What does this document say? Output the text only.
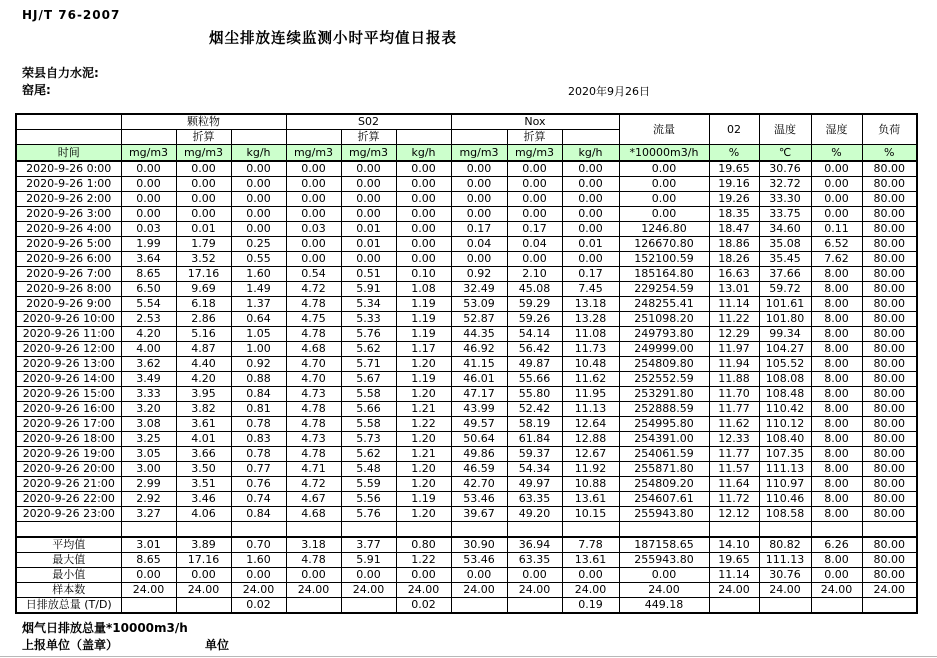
HJ/T 76-2007
烟尘排放连续监测小时平均值日报表
荣县自力水泥:
窑尾:	2020年9月26日
	颗粒物			S02			Nox			流量	02	温度	湿度	负荷
		折算			折算			折算						
时间	mg/m3	mg/m3	kg/h	mg/m3	mg/m3	kg/h	mg/m3	mg/m3	kg/h	*10000m3/h	%	℃	%	%
2020-9-26 0:00	0.00	0.00	0.00	0.00	0.00	0.00	0.00	0.00	0.00	0.00	19.65	30.76	0.00	80.00
2020-9-26 1:00	0.00	0.00	0.00	0.00	0.00	0.00	0.00	0.00	0.00	0.00	19.16	32.72	0.00	80.00
2020-9-26 2:00	0.00	0.00	0.00	0.00	0.00	0.00	0.00	0.00	0.00	0.00	19.26	33.30	0.00	80.00
2020-9-26 3:00	0.00	0.00	0.00	0.00	0.00	0.00	0.00	0.00	0.00	0.00	18.35	33.75	0.00	80.00
2020-9-26 4:00	0.03	0.01	0.00	0.03	0.01	0.00	0.17	0.17	0.00	1246.80	18.47	34.60	0.11	80.00
2020-9-26 5:00	1.99	1.79	0.25	0.00	0.01	0.00	0.04	0.04	0.01	126670.80	18.86	35.08	6.52	80.00
2020-9-26 6:00	3.64	3.52	0.55	0.00	0.00	0.00	0.00	0.00	0.00	152100.59	18.26	35.45	7.62	80.00
2020-9-26 7:00	8.65	17.16	1.60	0.54	0.51	0.10	0.92	2.10	0.17	185164.80	16.63	37.66	8.00	80.00
2020-9-26 8:00	6.50	9.69	1.49	4.72	5.91	1.08	32.49	45.08	7.45	229254.59	13.01	59.72	8.00	80.00
2020-9-26 9:00	5.54	6.18	1.37	4.78	5.34	1.19	53.09	59.29	13.18	248255.41	11.14	101.61	8.00	80.00
2020-9-26 10:00	2.53	2.86	0.64	4.75	5.33	1.19	52.87	59.26	13.28	251098.20	11.22	101.80	8.00	80.00
2020-9-26 11:00	4.20	5.16	1.05	4.78	5.76	1.19	44.35	54.14	11.08	249793.80	12.29	99.34	8.00	80.00
2020-9-26 12:00	4.00	4.87	1.00	4.68	5.62	1.17	46.92	56.42	11.73	249999.00	11.97	104.27	8.00	80.00
2020-9-26 13:00	3.62	4.40	0.92	4.70	5.71	1.20	41.15	49.87	10.48	254809.80	11.94	105.52	8.00	80.00
2020-9-26 14:00	3.49	4.20	0.88	4.70	5.67	1.19	46.01	55.66	11.62	252552.59	11.88	108.08	8.00	80.00
2020-9-26 15:00	3.33	3.95	0.84	4.73	5.58	1.20	47.17	55.80	11.95	253291.80	11.70	108.48	8.00	80.00
2020-9-26 16:00	3.20	3.82	0.81	4.78	5.66	1.21	43.99	52.42	11.13	252888.59	11.77	110.42	8.00	80.00
2020-9-26 17:00	3.08	3.61	0.78	4.78	5.58	1.22	49.57	58.19	12.64	254995.80	11.62	110.12	8.00	80.00
2020-9-26 18:00	3.25	4.01	0.83	4.73	5.73	1.20	50.64	61.84	12.88	254391.00	12.33	108.40	8.00	80.00
2020-9-26 19:00	3.05	3.66	0.78	4.78	5.62	1.21	49.86	59.37	12.67	254061.59	11.77	107.35	8.00	80.00
2020-9-26 20:00	3.00	3.50	0.77	4.71	5.48	1.20	46.59	54.34	11.92	255871.80	11.57	111.13	8.00	80.00
2020-9-26 21:00	2.99	3.51	0.76	4.72	5.59	1.20	42.70	49.97	10.88	254809.20	11.64	110.97	8.00	80.00
2020-9-26 22:00	2.92	3.46	0.74	4.67	5.56	1.19	53.46	63.35	13.61	254607.61	11.72	110.46	8.00	80.00
2020-9-26 23:00	3.27	4.06	0.84	4.68	5.76	1.20	39.67	49.20	10.15	255943.80	12.12	108.58	8.00	80.00

平均值	3.01	3.89	0.70	3.18	3.77	0.80	30.90	36.94	7.78	187158.65	14.10	80.82	6.26	80.00
最大值	8.65	17.16	1.60	4.78	5.91	1.22	53.46	63.35	13.61	255943.80	19.65	111.13	8.00	80.00
最小值	0.00	0.00	0.00	0.00	0.00	0.00	0.00	0.00	0.00	0.00	11.14	30.76	0.00	80.00
样本数	24.00	24.00	24.00	24.00	24.00	24.00	24.00	24.00	24.00	24.00	24.00	24.00	24.00	24.00
日排放总量 (T/D)			0.02			0.02			0.19	449.18				
烟气日排放总量*10000m3/h
上报单位（盖章）	单位
